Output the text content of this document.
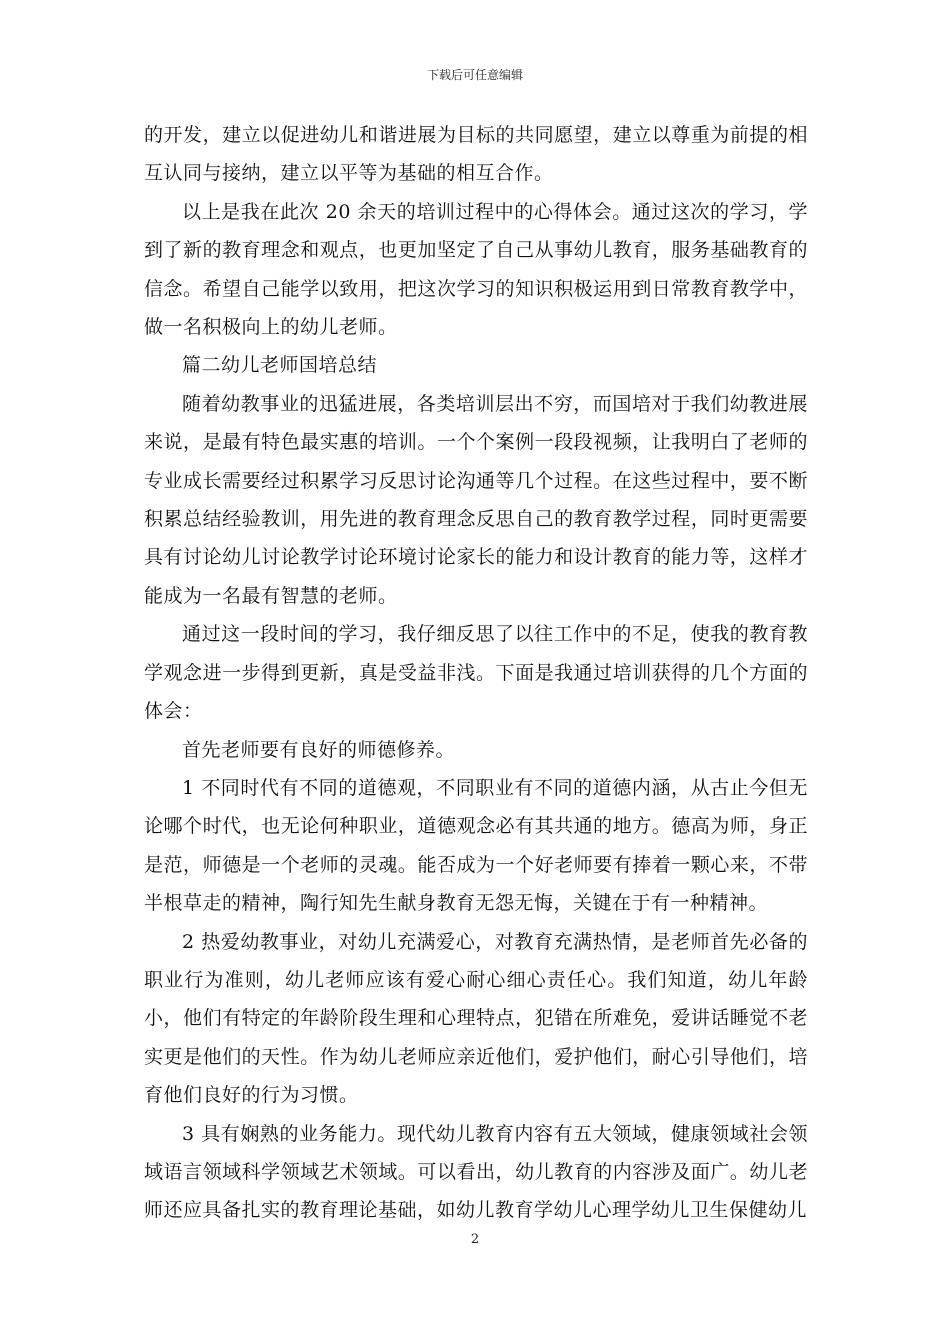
下载后可任意编辑

的开发，建立以促进幼儿和谐进展为目标的共同愿望，建立以尊重为前提的相互认同与接纳，建立以平等为基础的相互合作。

以上是我在此次 20 余天的培训过程中的心得体会。通过这次的学习，学到了新的教育理念和观点，也更加坚定了自己从事幼儿教育，服务基础教育的信念。希望自己能学以致用，把这次学习的知识积极运用到日常教育教学中，做一名积极向上的幼儿老师。

篇二幼儿老师国培总结

随着幼教事业的迅猛进展，各类培训层出不穷，而国培对于我们幼教进展来说，是最有特色最实惠的培训。一个个案例一段段视频，让我明白了老师的专业成长需要经过积累学习反思讨论沟通等几个过程。在这些过程中，要不断积累总结经验教训，用先进的教育理念反思自己的教育教学过程，同时更需要具有讨论幼儿讨论教学讨论环境讨论家长的能力和设计教育的能力等，这样才能成为一名最有智慧的老师。

通过这一段时间的学习，我仔细反思了以往工作中的不足，使我的教育教学观念进一步得到更新，真是受益非浅。下面是我通过培训获得的几个方面的体会：

首先老师要有良好的师德修养。

1 不同时代有不同的道德观，不同职业有不同的道德内涵，从古止今但无论哪个时代，也无论何种职业，道德观念必有其共通的地方。德高为师，身正是范，师德是一个老师的灵魂。能否成为一个好老师要有捧着一颗心来，不带半根草走的精神，陶行知先生献身教育无怨无悔，关键在于有一种精神。

2 热爱幼教事业，对幼儿充满爱心，对教育充满热情，是老师首先必备的职业行为准则，幼儿老师应该有爱心耐心细心责任心。我们知道，幼儿年龄小，他们有特定的年龄阶段生理和心理特点，犯错在所难免，爱讲话睡觉不老实更是他们的天性。作为幼儿老师应亲近他们，爱护他们，耐心引导他们，培育他们良好的行为习惯。

3 具有娴熟的业务能力。现代幼儿教育内容有五大领域，健康领域社会领域语言领域科学领域艺术领域。可以看出，幼儿教育的内容涉及面广。幼儿老师还应具备扎实的教育理论基础，如幼儿教育学幼儿心理学幼儿卫生保健幼儿

2
